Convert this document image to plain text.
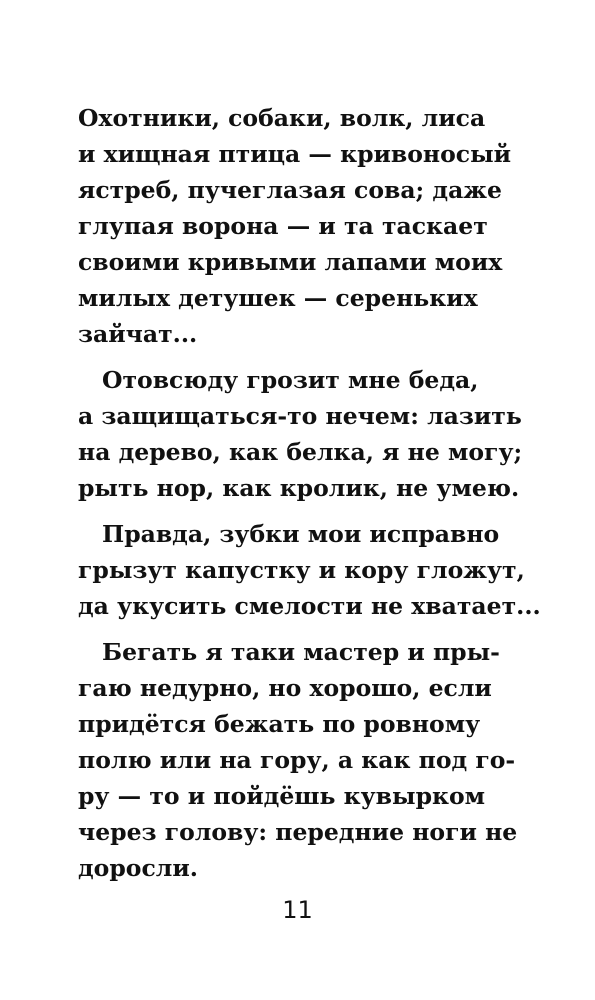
Охотники, собаки, волк, лиса
и хищная птица — кривоносый
ястреб, пучеглазая сова; даже
глупая ворона — и та таскает
своими кривыми лапами моих
милых детушек — сереньких
зайчат...
Отовсюду грозит мне беда,
а защищаться-то нечем: лазить
на дерево, как белка, я не могу;
рыть нор, как кролик, не умею.
Правда, зубки мои исправно
грызут капустку и кору гложут,
да укусить смелости не хватает...
Бегать я таки мастер и пры-
гаю недурно, но хорошо, если
придётся бежать по ровному
полю или на гору, а как под го-
ру — то и пойдёшь кувырком
через голову: передние ноги не
доросли.
11
